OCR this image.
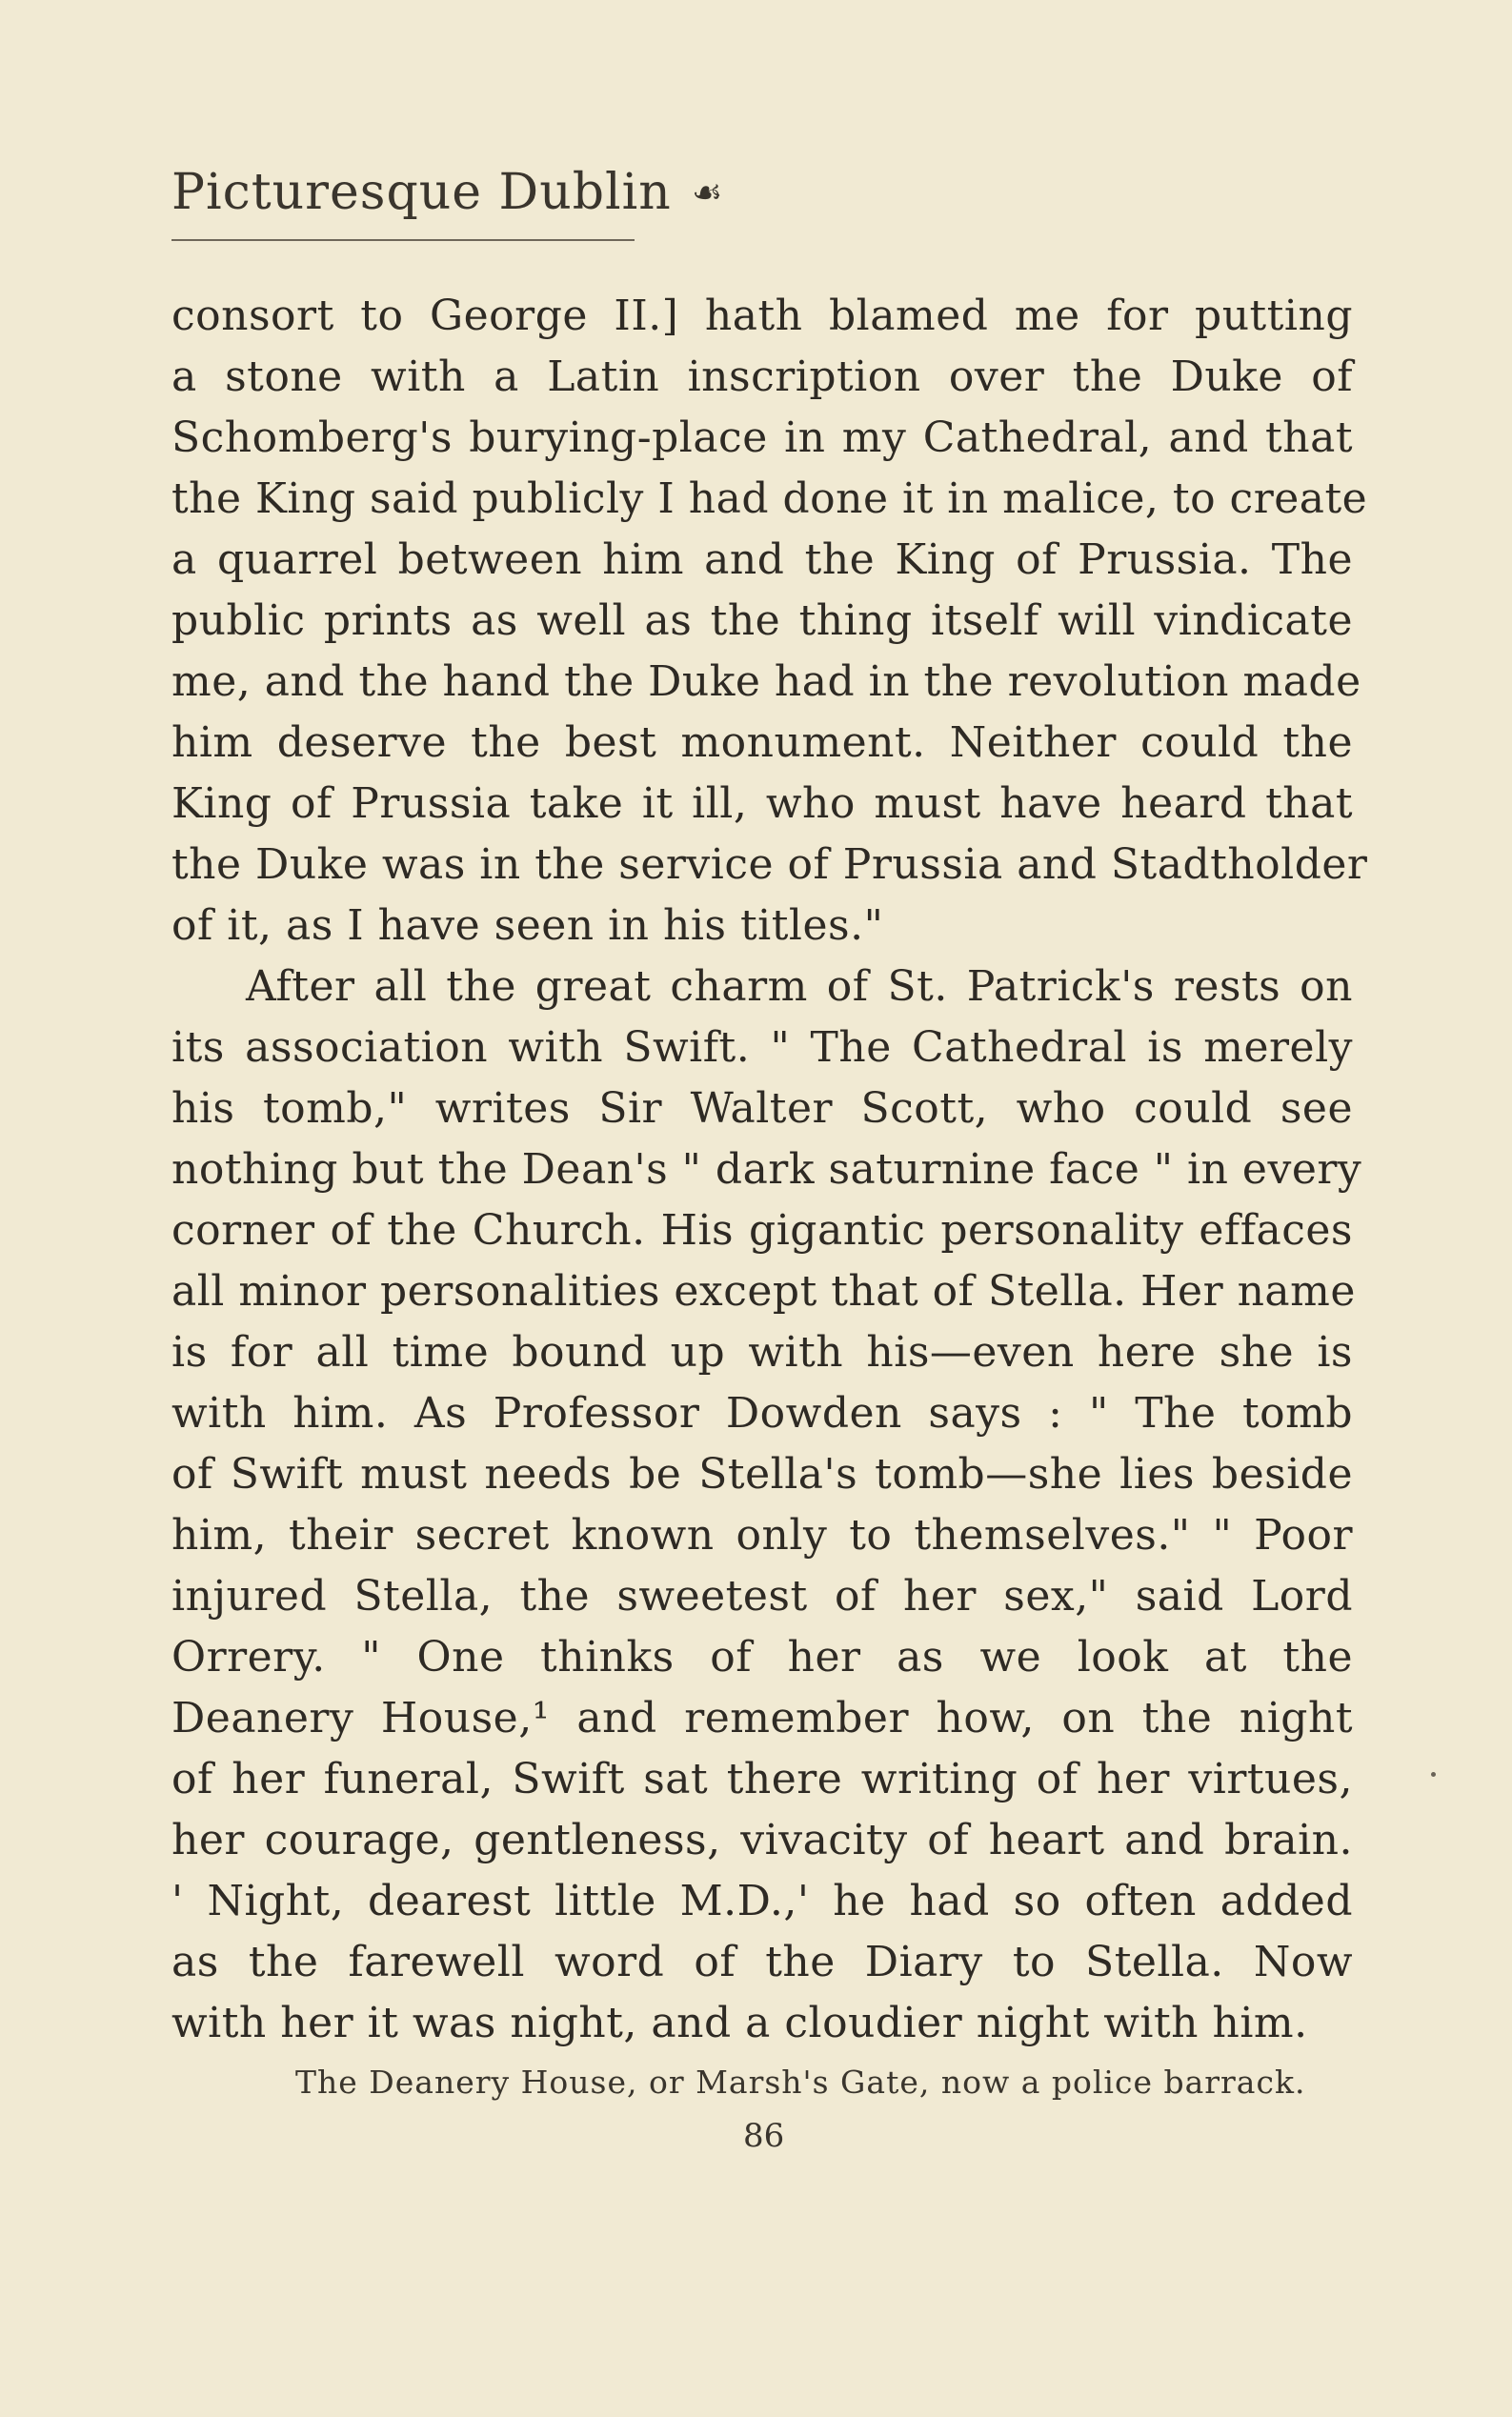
Picturesque Dublin ☙
consort to George II.] hath blamed me for putting
a stone with a Latin inscription over the Duke of
Schomberg's burying-place in my Cathedral, and that
the King said publicly I had done it in malice, to create
a quarrel between him and the King of Prussia. The
public prints as well as the thing itself will vindicate
me, and the hand the Duke had in the revolution made
him deserve the best monument. Neither could the
King of Prussia take it ill, who must have heard that
the Duke was in the service of Prussia and Stadtholder
of it, as I have seen in his titles."
After all the great charm of St. Patrick's rests on
its association with Swift. " The Cathedral is merely
his tomb," writes Sir Walter Scott, who could see
nothing but the Dean's " dark saturnine face " in every
corner of the Church. His gigantic personality effaces
all minor personalities except that of Stella. Her name
is for all time bound up with his—even here she is
with him. As Professor Dowden says : " The tomb
of Swift must needs be Stella's tomb—she lies beside
him, their secret known only to themselves." " Poor
injured Stella, the sweetest of her sex," said Lord
Orrery. " One thinks of her as we look at the
Deanery House,¹ and remember how, on the night
of her funeral, Swift sat there writing of her virtues,
her courage, gentleness, vivacity of heart and brain.
' Night, dearest little M.D.,' he had so often added
as the farewell word of the Diary to Stella. Now
with her it was night, and a cloudier night with him.
The Deanery House, or Marsh's Gate, now a police barrack.
86
